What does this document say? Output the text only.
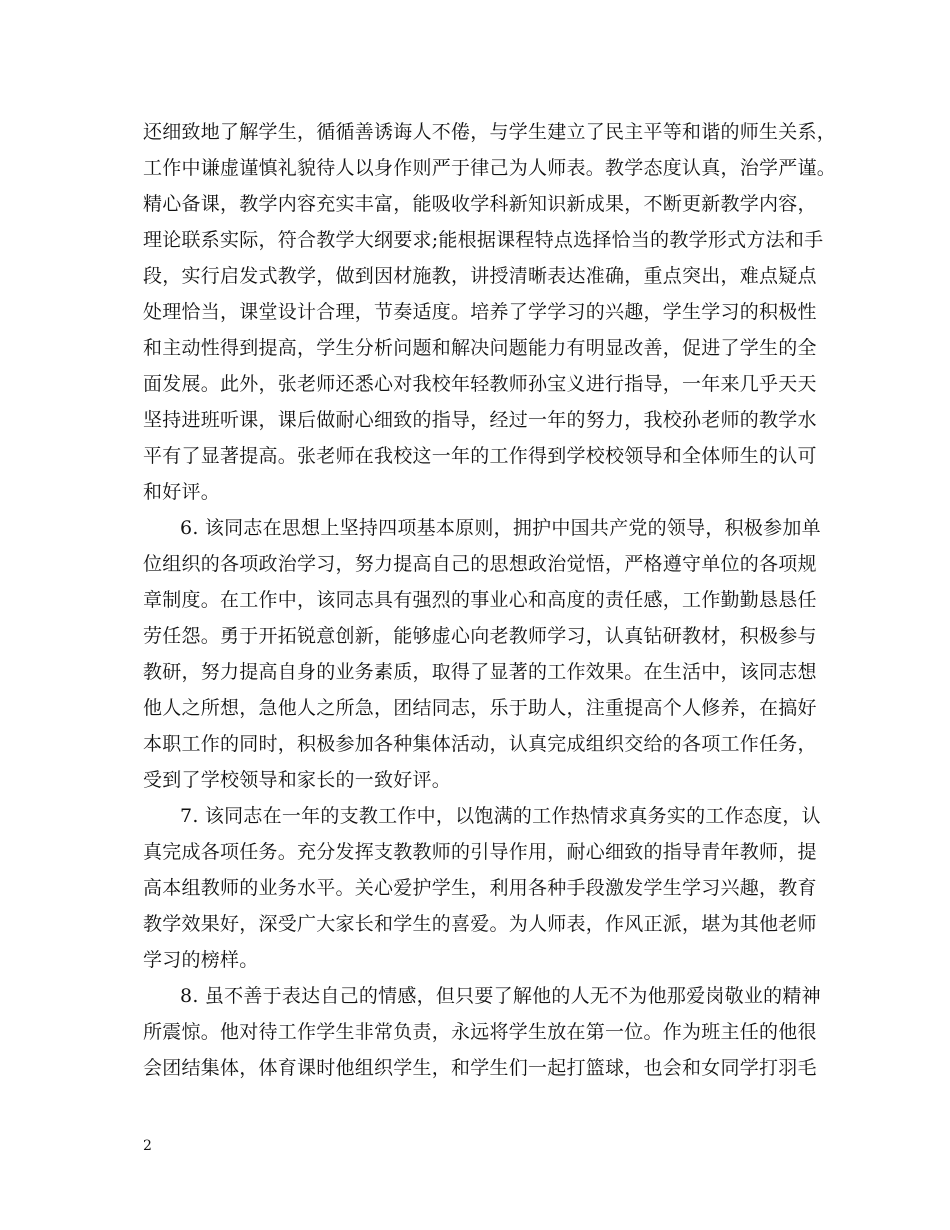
还细致地了解学生，循循善诱诲人不倦，与学生建立了民主平等和谐的师生关系，
工作中谦虚谨慎礼貌待人以身作则严于律己为人师表。教学态度认真，治学严谨。
精心备课，教学内容充实丰富，能吸收学科新知识新成果，不断更新教学内容，
理论联系实际，符合教学大纲要求;能根据课程特点选择恰当的教学形式方法和手
段，实行启发式教学，做到因材施教，讲授清晰表达准确，重点突出，难点疑点
处理恰当，课堂设计合理，节奏适度。培养了学学习的兴趣，学生学习的积极性
和主动性得到提高，学生分析问题和解决问题能力有明显改善，促进了学生的全
面发展。此外，张老师还悉心对我校年轻教师孙宝义进行指导，一年来几乎天天
坚持进班听课，课后做耐心细致的指导，经过一年的努力，我校孙老师的教学水
平有了显著提高。张老师在我校这一年的工作得到学校校领导和全体师生的认可
和好评。
6. 该同志在思想上坚持四项基本原则，拥护中国共产党的领导，积极参加单
位组织的各项政治学习，努力提高自己的思想政治觉悟，严格遵守单位的各项规
章制度。在工作中，该同志具有强烈的事业心和高度的责任感，工作勤勤恳恳任
劳任怨。勇于开拓锐意创新，能够虚心向老教师学习，认真钻研教材，积极参与
教研，努力提高自身的业务素质，取得了显著的工作效果。在生活中，该同志想
他人之所想，急他人之所急，团结同志，乐于助人，注重提高个人修养，在搞好
本职工作的同时，积极参加各种集体活动，认真完成组织交给的各项工作任务，
受到了学校领导和家长的一致好评。
7. 该同志在一年的支教工作中，以饱满的工作热情求真务实的工作态度，认
真完成各项任务。充分发挥支教教师的引导作用，耐心细致的指导青年教师，提
高本组教师的业务水平。关心爱护学生，利用各种手段激发学生学习兴趣，教育
教学效果好，深受广大家长和学生的喜爱。为人师表，作风正派，堪为其他老师
学习的榜样。
8. 虽不善于表达自己的情感，但只要了解他的人无不为他那爱岗敬业的精神
所震惊。他对待工作学生非常负责，永远将学生放在第一位。作为班主任的他很
会团结集体，体育课时他组织学生，和学生们一起打篮球，也会和女同学打羽毛
2
